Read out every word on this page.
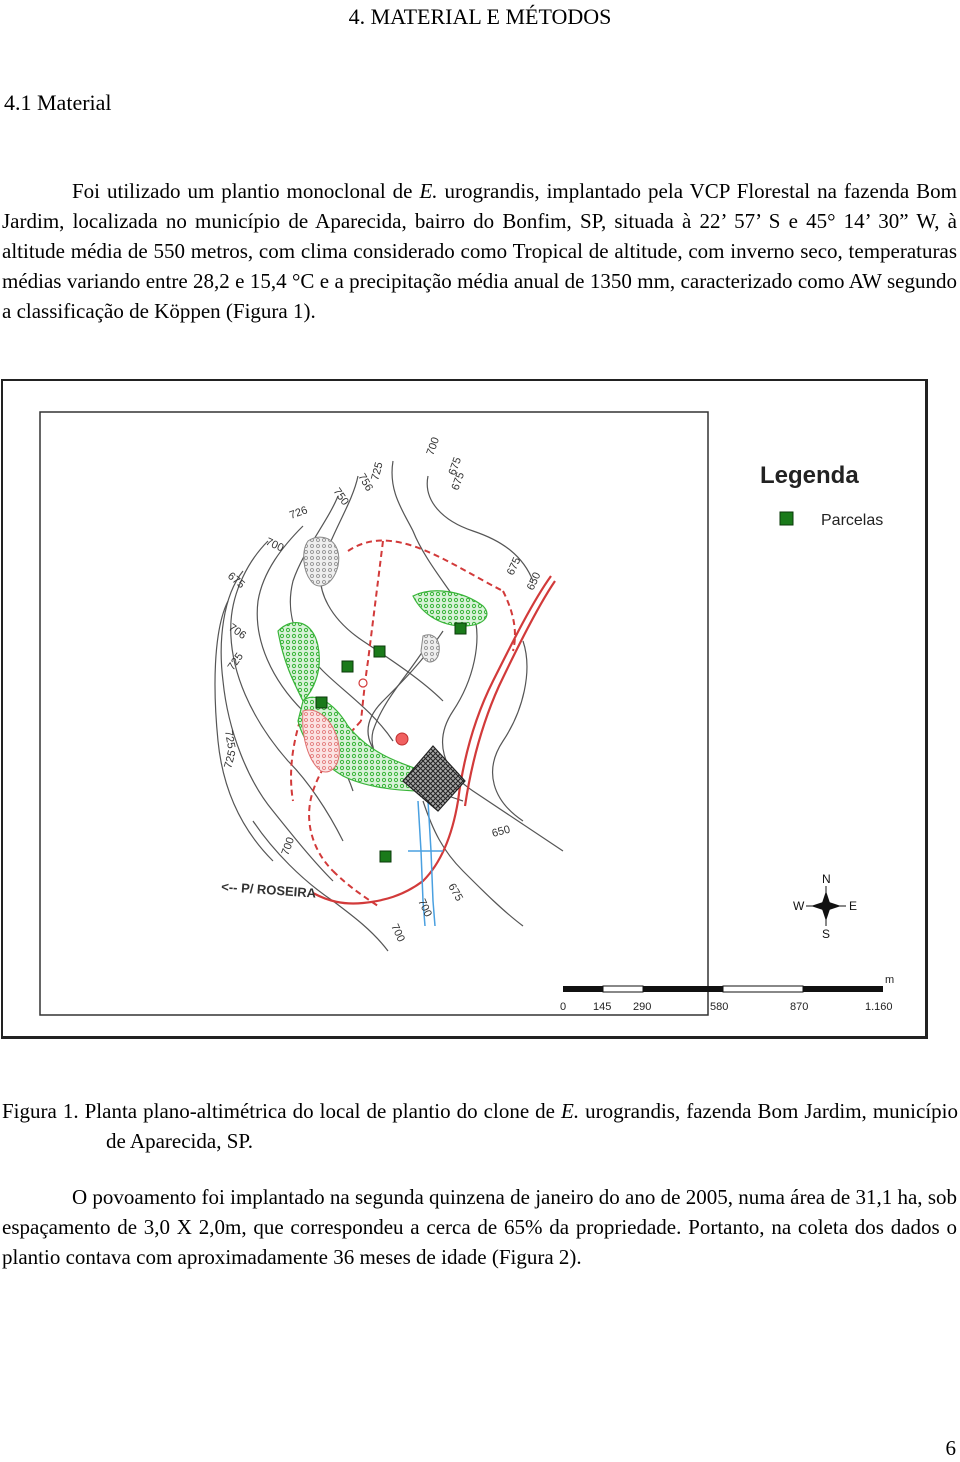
4. MATERIAL E MÉTODOS
4.1 Material
Foi utilizado um plantio monoclonal de E. urograndis, implantado pela VCP Florestal na fazenda Bom Jardim, localizada no município de Aparecida, bairro do Bonfim, SP, situada à 22’ 57’ S e 45° 14’ 30” W, à altitude média de 550 metros, com clima considerado como Tropical de altitude, com inverno seco, temperaturas médias variando entre 28,2 e 15,4 °C e a precipitação média anual de 1350 mm, caracterizado como AW segundo a classificação de Köppen (Figura 1).
700
675
675
725
756
750
726
700
675
706
725
675
650
725
725
700
650
675
700
700
<-- P/ ROSEIRA
Legenda
Parcelas
N
S
E
W
0 145 290	580	870	1.160
m
Figura 1. Planta plano-altimétrica do local de plantio do clone de E. urograndis, fazenda Bom Jardim, município de Aparecida, SP.
O povoamento foi implantado na segunda quinzena de janeiro do ano de 2005, numa área de 31,1 ha, sob espaçamento de 3,0 X 2,0m, que correspondeu a cerca de 65% da propriedade. Portanto, na coleta dos dados o plantio contava com aproximadamente 36 meses de idade (Figura 2).
6
